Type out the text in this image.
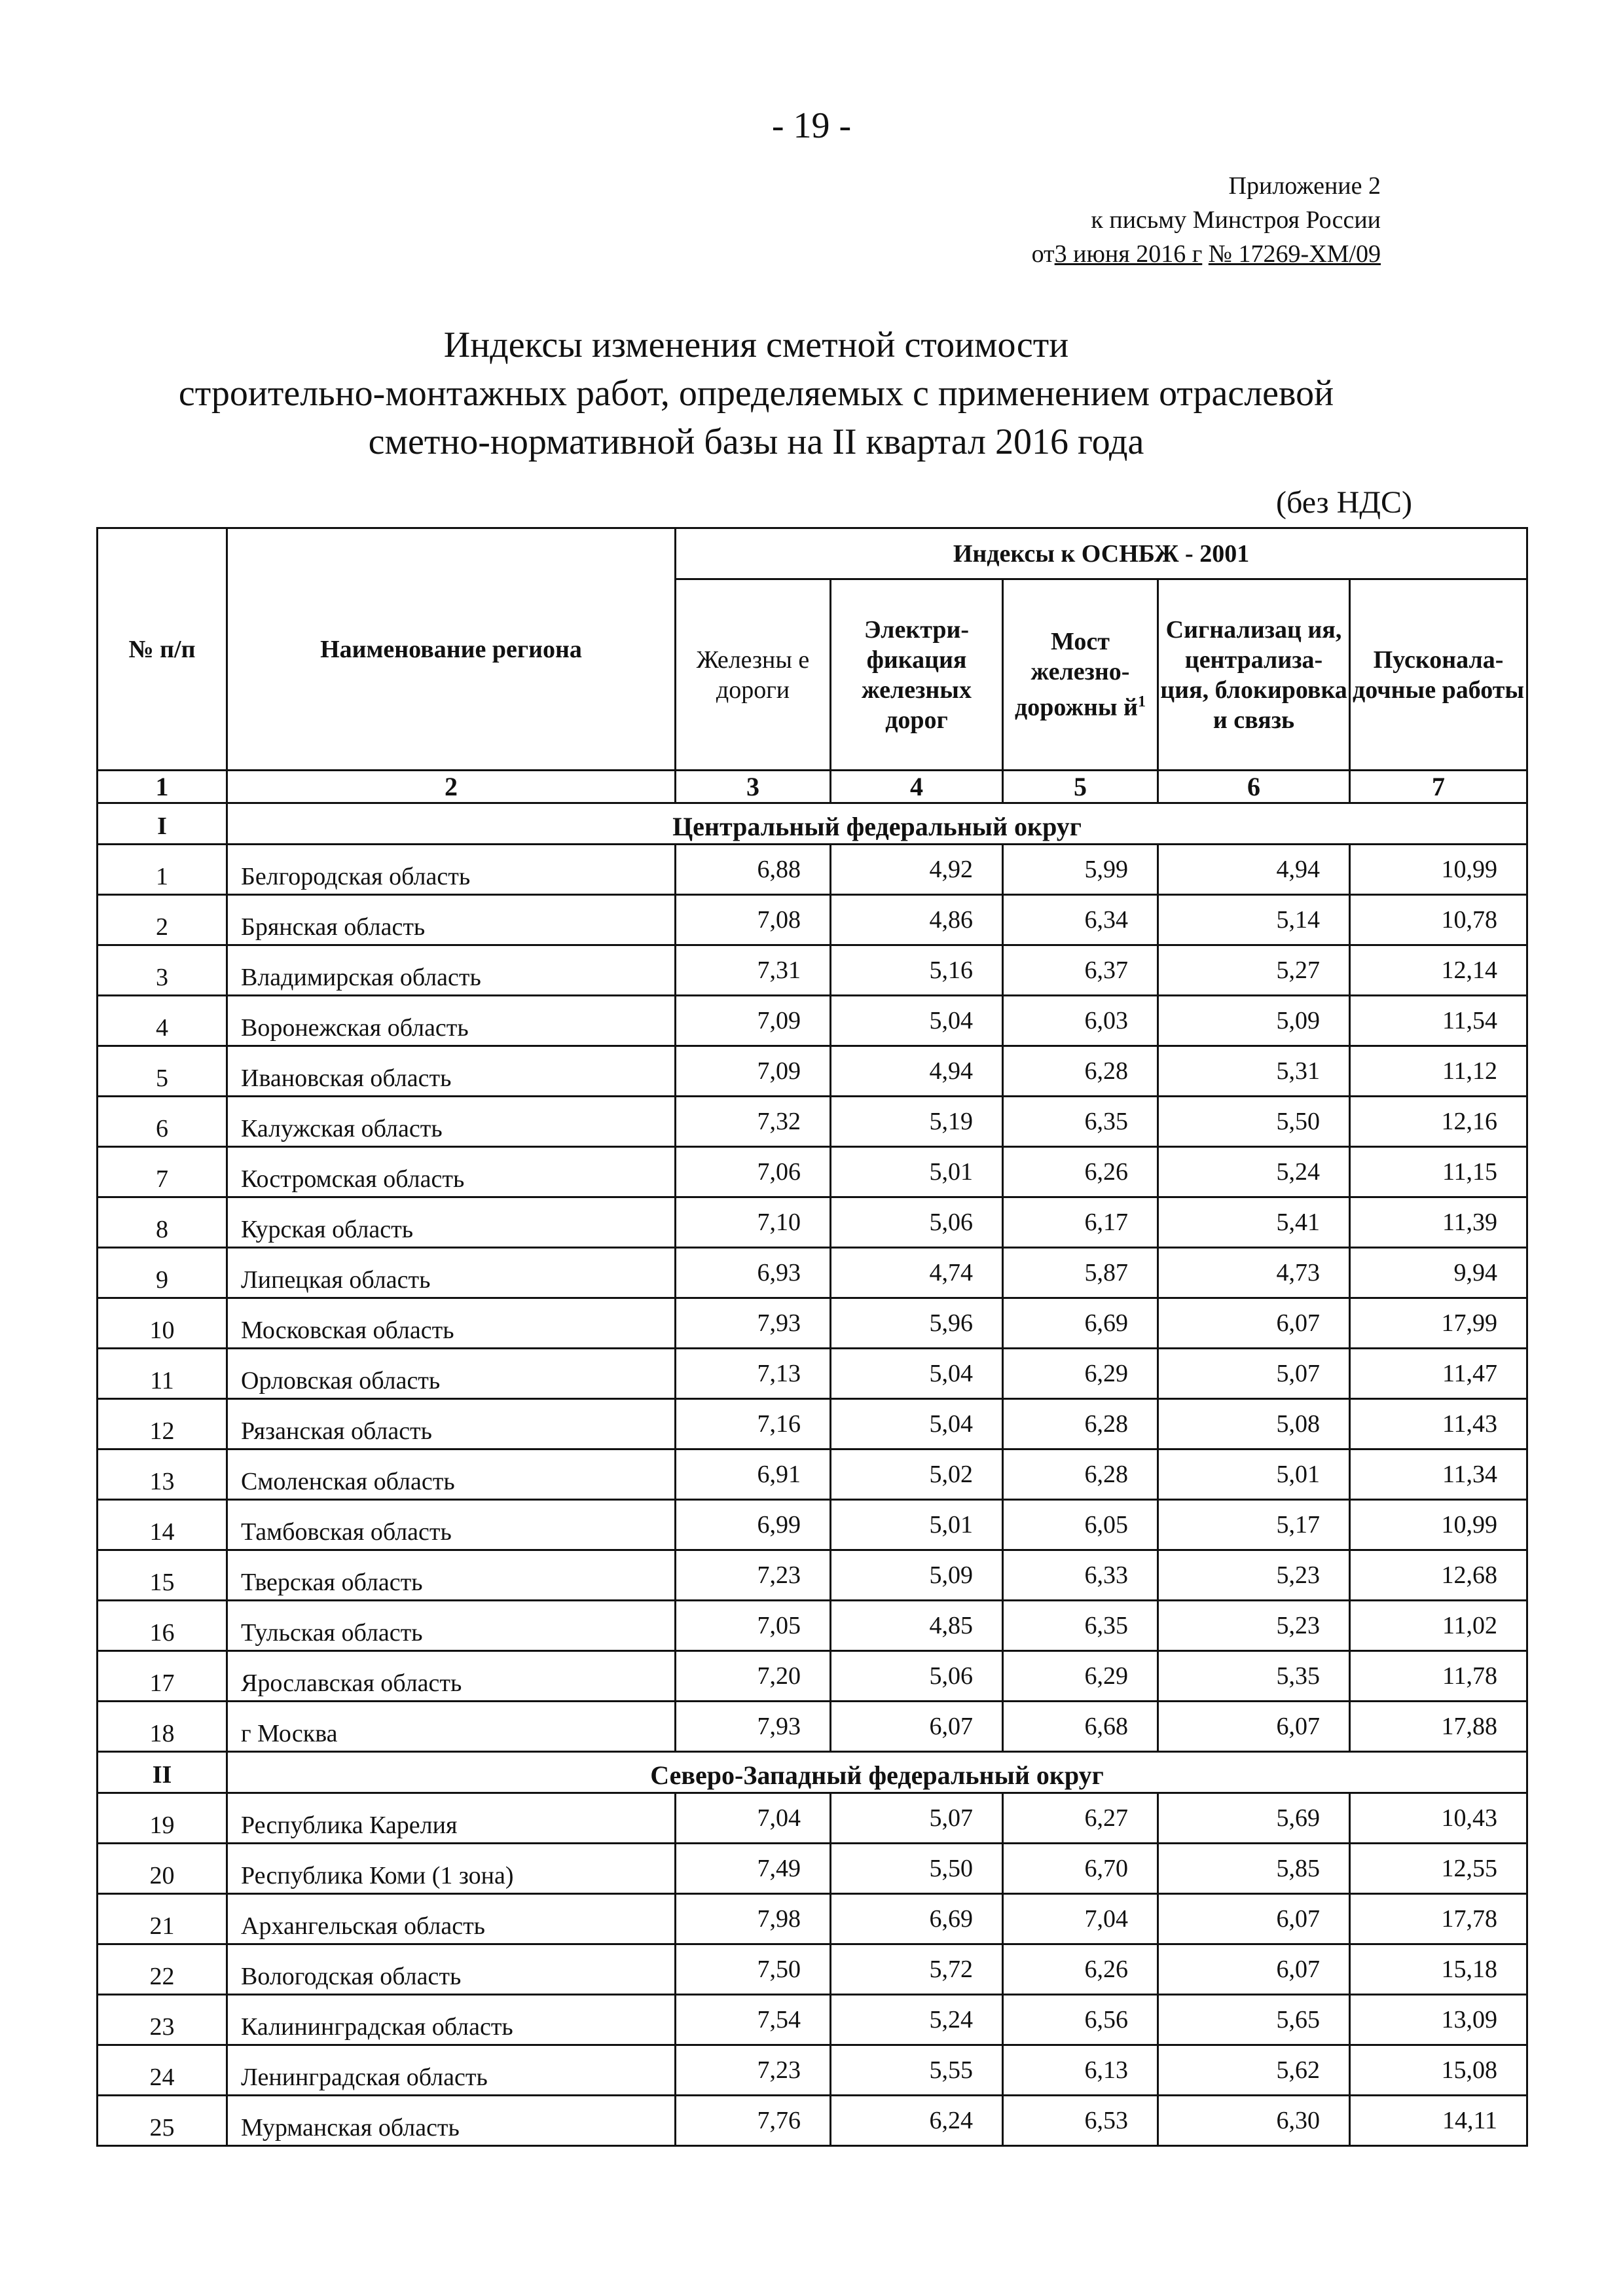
- 19 -
Приложение 2
к письму Минстроя России
от3 июня 2016 г № 17269-ХМ/09
Индексы изменения сметной стоимости
строительно-монтажных работ, определяемых с применением отраслевой
сметно-нормативной базы на II квартал 2016 года
(без НДС)
№ п/п	Наименование региона	Индексы к ОСНБЖ - 2001				
		Железны е дороги	Электри- фикация железных дорог	Мост железно- дорожны $й^1$	Сигнализац ия, централиза- ция, блокировка и связь	Пусконала- дочные работы
1	2	3	4	5	6	7
I	Центральный федеральный округ					
1	Белгородская область	6,88	4,92	5,99	4,94	10,99
2	Брянская область	7,08	4,86	6,34	5,14	10,78
3	Владимирская область	7,31	5,16	6,37	5,27	12,14
4	Воронежская область	7,09	5,04	6,03	5,09	11,54
5	Ивановская область	7,09	4,94	6,28	5,31	11,12
6	Калужская область	7,32	5,19	6,35	5,50	12,16
7	Костромская область	7,06	5,01	6,26	5,24	11,15
8	Курская область	7,10	5,06	6,17	5,41	11,39
9	Липецкая область	6,93	4,74	5,87	4,73	9,94
10	Московская область	7,93	5,96	6,69	6,07	17,99
11	Орловская область	7,13	5,04	6,29	5,07	11,47
12	Рязанская область	7,16	5,04	6,28	5,08	11,43
13	Смоленская область	6,91	5,02	6,28	5,01	11,34
14	Тамбовская область	6,99	5,01	6,05	5,17	10,99
15	Тверская область	7,23	5,09	6,33	5,23	12,68
16	Тульская область	7,05	4,85	6,35	5,23	11,02
17	Ярославская область	7,20	5,06	6,29	5,35	11,78
18	г Москва	7,93	6,07	6,68	6,07	17,88
II	Северо-Западный федеральный округ					
19	Республика Карелия	7,04	5,07	6,27	5,69	10,43
20	Республика Коми (1 зона)	7,49	5,50	6,70	5,85	12,55
21	Архангельская область	7,98	6,69	7,04	6,07	17,78
22	Вологодская область	7,50	5,72	6,26	6,07	15,18
23	Калининградская область	7,54	5,24	6,56	5,65	13,09
24	Ленинградская область	7,23	5,55	6,13	5,62	15,08
25	Мурманская область	7,76	6,24	6,53	6,30	14,11
